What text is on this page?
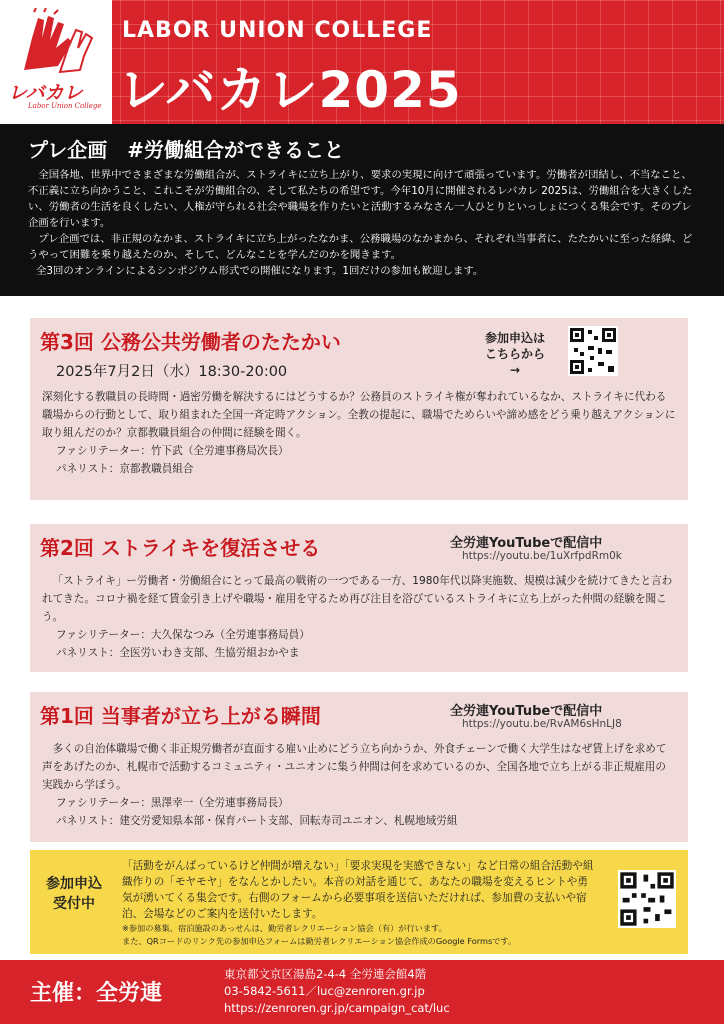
レバカレ
Labor Union College
LABOR UNION COLLEGE
レバカレ2025
プレ企画　#労働組合ができること

　全国各地、世界中でさまざまな労働組合が、ストライキに立ち上がり、要求の実現に向けて頑張っています。労働者が団結し、不当なこと、不正義に立ち向かうこと、これこそが労働組合の、そして私たちの希望です。今年10月に開催されるレバカレ 2025は、労働組合を大きくしたい、労働者の生活を良くしたい、人権が守られる社会や職場を作りたいと活動するみなさん一人ひとりといっしょにつくる集会です。そのプレ企画を行います。

　プレ企画では、非正規のなかま、ストライキに立ち上がったなかま、公務職場のなかまから、それぞれ当事者に、たたかいに至った経緯、どうやって困難を乗り越えたのか、そして、どんなことを学んだのかを聞きます。

全3回のオンラインによるシンポジウム形式での開催になります。1回だけの参加も歓迎します。

第3回 公務公共労働者のたたかい
2025年7月2日（水）18:30-20:00
参加申込は
こちらから
→
深刻化する教職員の長時間・過密労働を解決するにはどうするか？公務員のストライキ権が奪われているなか、ストライキに代わる職場からの行動として、取り組まれた全国一斉定時アクション。全教の提起に、職場でためらいや諦め感をどう乗り越えアクションに取り組んだのか？京都教職員組合の仲間に経験を聞く。
ファシリテーター：竹下武（全労連事務局次長）
パネリスト：京都教職員組合
第2回 ストライキを復活させる	全労連YouTubeで配信中
https://youtu.be/1uXrfpdRm0k
「ストライキ」ー労働者・労働組合にとって最高の戦術の一つである一方、1980年代以降実施数、規模は減少を続けてきたと言われてきた。コロナ禍を経て賃金引き上げや職場・雇用を守るため再び注目を浴びているストライキに立ち上がった仲間の経験を聞こう。
ファシリテーター：大久保なつみ（全労連事務局員）
パネリスト：全医労いわき支部、生協労組おかやま
第1回 当事者が立ち上がる瞬間	全労連YouTubeで配信中
https://youtu.be/RvAM6sHnLJ8
多くの自治体職場で働く非正規労働者が直面する雇い止めにどう立ち向かうか、外食チェーンで働く大学生はなぜ賃上げを求めて声をあげたのか、札幌市で活動するコミュニティ・ユニオンに集う仲間は何を求めているのか、全国各地で立ち上がる非正規雇用の実践から学ぼう。
ファシリテーター：黒澤幸一（全労連事務局長）
パネリスト：建交労愛知県本部・保育パート支部、回転寿司ユニオン、札幌地域労組
参加申込
受付中
「活動をがんばっているけど仲間が増えない」「要求実現を実感できない」など日常の組合活動や組織作りの「モヤモヤ」をなんとかしたい。本音の対話を通じて、あなたの職場を変えるヒントや勇気が湧いてくる集会です。右側のフォームから必要事項を送信いただければ、参加費の支払いや宿泊、会場などのご案内を送付いたします。
※参加の募集、宿泊施設のあっせんは、勤労者レクリエーション協会（有）が行います。
また、QRコードのリンク先の参加申込フォームは勤労者レクリエーション協会作成のGoogle Formsです。
主催：全労連
東京都文京区湯島2-4-4 全労連会館4階
03-5842-5611／luc@zenroren.gr.jp
https://zenroren.gr.jp/campaign_cat/luc
